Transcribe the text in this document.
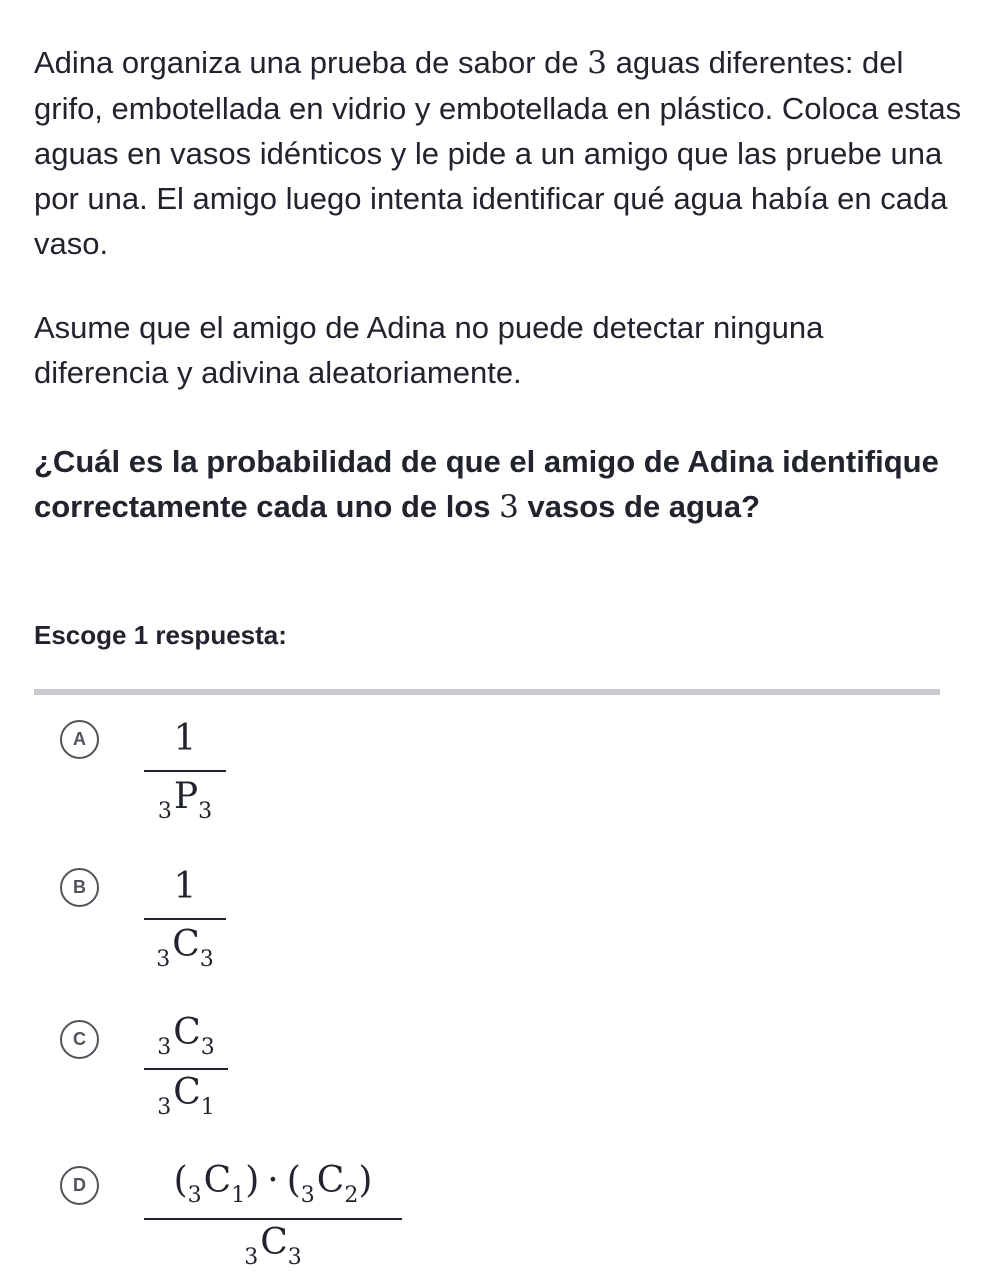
Adina organiza una prueba de sabor de 3 aguas diferentes: del grifo, embotellada en vidrio y embotellada en plástico. Coloca estas aguas en vasos idénticos y le pide a un amigo que las pruebe una por una. El amigo luego intenta identificar qué agua había en cada vaso.

Asume que el amigo de Adina no puede detectar ninguna diferencia y adivina aleatoriamente.

¿Cuál es la probabilidad de que el amigo de Adina identifique correctamente cada uno de los 3 vasos de agua?

Escoge 1 respuesta:

A	1
$_3P_3$
B	1
$_3C_3$
C	$_3C_3$
$_3C_1$
D	$(_3C_1) \cdot (_3C_2)$
$_3C_3$
